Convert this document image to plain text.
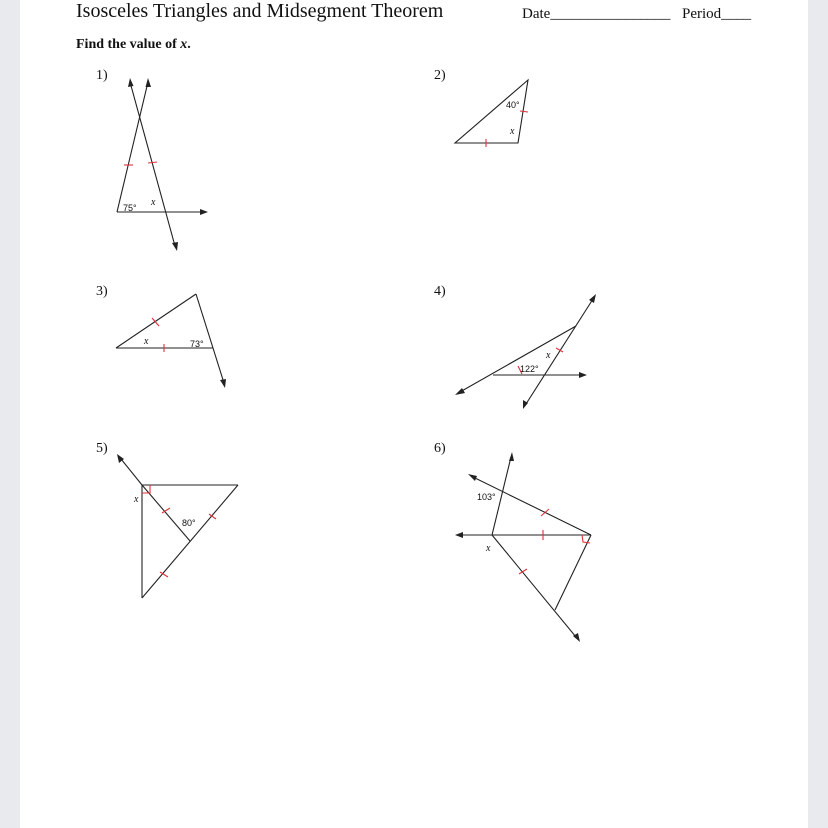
Isosceles Triangles and Midsegment Theorem	Date________________ Period____
Find the value of x.
1)	2)
3)	4)
5)	6)
75° x
40°
x
x	73°
x
122°
x
80°
103°
x
